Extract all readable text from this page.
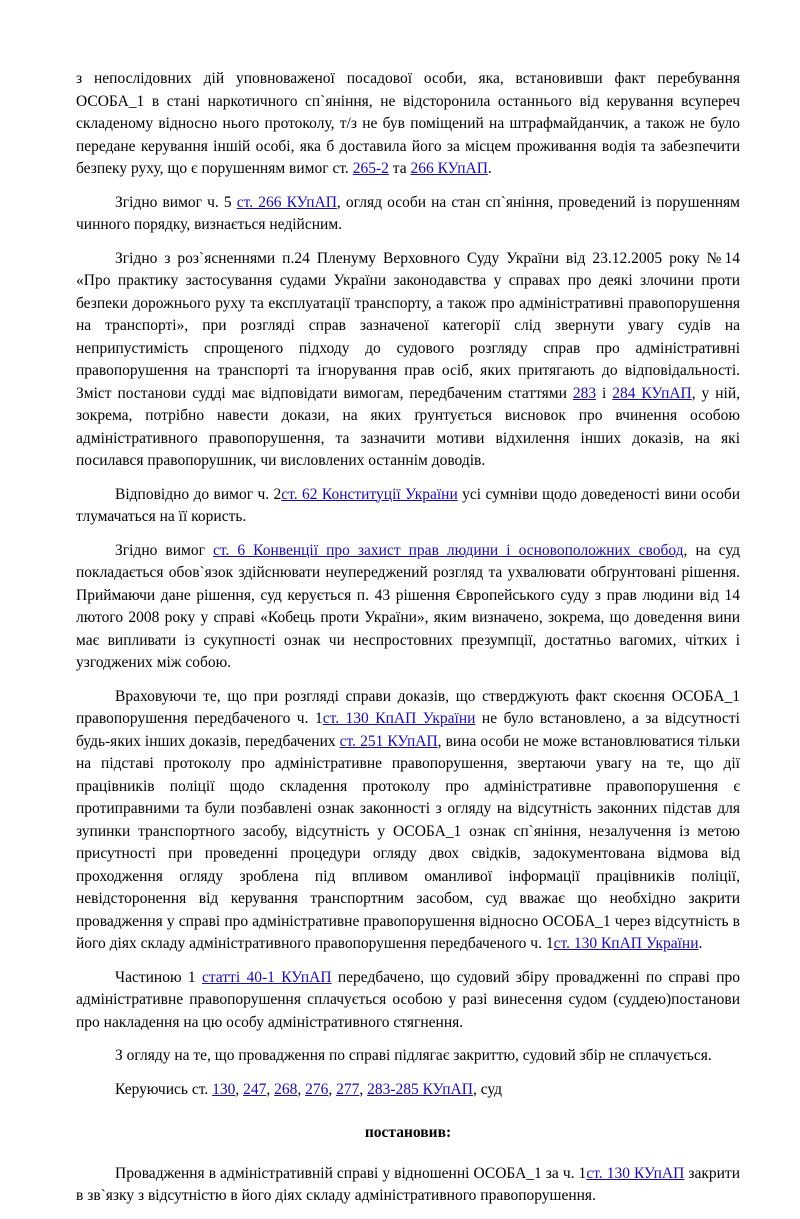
з непослідовних дій уповноваженої посадової особи, яка, встановивши факт перебування ОСОБА_1 в стані наркотичного сп`яніння, не відсторонила останнього від керування всупереч складеному відносно нього протоколу, т/з не був поміщений на штрафмайданчик, а також не було передане керування іншій особі, яка б доставила його за місцем проживання водія та забезпечити безпеку руху, що є порушенням вимог ст. 265-2 та 266 КУпАП.

Згідно вимог ч. 5 ст. 266 КУпАП, огляд особи на стан сп`яніння, проведений із порушенням чинного порядку, визнається недійсним.

Згідно з роз`ясненнями п.24 Пленуму Верховного Суду України від 23.12.2005 року №14 «Про практику застосування судами України законодавства у справах про деякі злочини проти безпеки дорожнього руху та експлуатації транспорту, а також про адміністративні правопорушення на транспорті», при розгляді справ зазначеної категорії слід звернути увагу судів на неприпустимість спрощеного підходу до судового розгляду справ про адміністративні правопорушення на транспорті та ігнорування прав осіб, яких притягають до відповідальності. Зміст постанови судді має відповідати вимогам, передбаченим статтями 283 і 284 КУпАП, у ній, зокрема, потрібно навести докази, на яких ґрунтується висновок про вчинення особою адміністративного правопорушення, та зазначити мотиви відхилення інших доказів, на які посилався правопорушник, чи висловлених останнім доводів.

Відповідно до вимог ч. 2ст. 62 Конституції України усі сумніви щодо доведеності вини особи тлумачаться на її користь.

Згідно вимог ст. 6 Конвенції про захист прав людини і основоположних свобод, на суд покладається обов`язок здійснювати неупереджений розгляд та ухвалювати обґрунтовані рішення. Приймаючи дане рішення, суд керується п. 43 рішення Європейського суду з прав людини від 14 лютого 2008 року у справі «Кобець проти України», яким визначено, зокрема, що доведення вини має випливати із сукупності ознак чи неспростовних презумпції, достатньо вагомих, чітких і узгоджених між собою.

Враховуючи те, що при розгляді справи доказів, що стверджують факт скоєння ОСОБА_1 правопорушення передбаченого ч. 1ст. 130 КпАП України не було встановлено, а за відсутності будь-яких інших доказів, передбачених ст. 251 КУпАП, вина особи не може встановлюватися тільки на підставі протоколу про адміністративне правопорушення, звертаючи увагу на те, що дії працівників поліції щодо складення протоколу про адміністративне правопорушення є протиправними та були позбавлені ознак законності з огляду на відсутність законних підстав для зупинки транспортного засобу, відсутність у ОСОБА_1 ознак сп`яніння, незалучення із метою присутності при проведенні процедури огляду двох свідків, задокументована відмова від проходження огляду зроблена під впливом оманливої інформації працівників поліції, невідсторонення від керування транспортним засобом, суд вважає що необхідно закрити провадження у справі про адміністративне правопорушення відносно ОСОБА_1 через відсутність в його діях складу адміністративного правопорушення передбаченого ч. 1ст. 130 КпАП України.

Частиною 1 статті 40-1 КУпАП передбачено, що судовий збіру провадженні по справі про адміністративне правопорушення сплачується особою у разі винесення судом (суддею)постанови про накладення на цю особу адміністративного стягнення.

З огляду на те, що провадження по справі підлягає закриттю, судовий збір не сплачується.

Керуючись ст. 130, 247, 268, 276, 277, 283-285 КУпАП, суд

постановив:

Провадження в адміністративній справі у відношенні ОСОБА_1 за ч. 1ст. 130 КУпАП закрити в зв`язку з відсутністю в його діях складу адміністративного правопорушення.
